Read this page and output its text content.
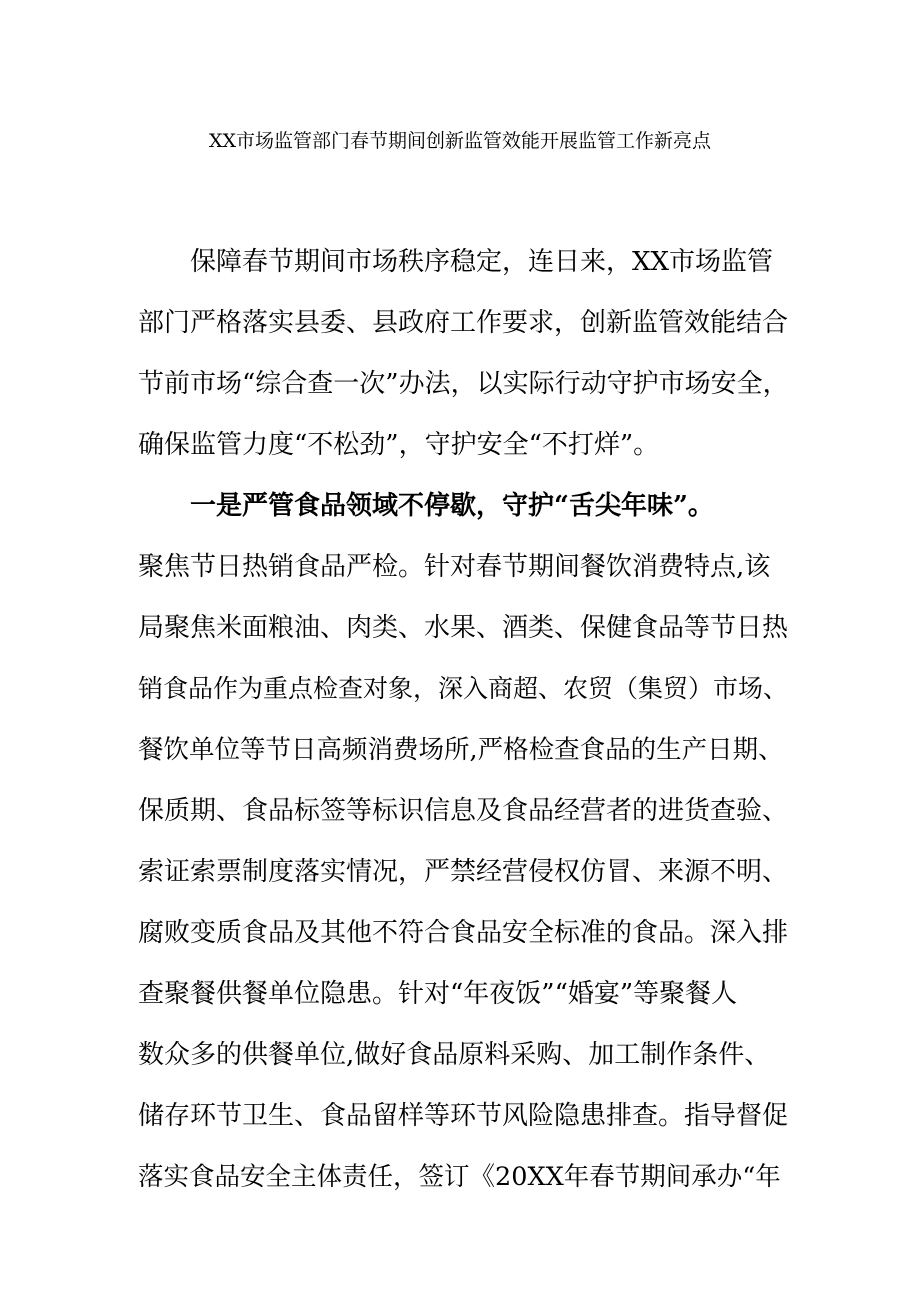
XX市场监管部门春节期间创新监管效能开展监管工作新亮点
保障春节期间市场秩序稳定，连日来，XX市场监管
部门严格落实县委、县政府工作要求，创新监管效能结合
节前市场“综合查一次”办法，以实际行动守护市场安全，
确保监管力度“不松劲”，守护安全“不打烊”。
一是严管食品领域不停歇，守护“舌尖年味”。
聚焦节日热销食品严检。针对春节期间餐饮消费特点,该
局聚焦米面粮油、肉类、水果、酒类、保健食品等节日热
销食品作为重点检查对象，深入商超、农贸（集贸）市场、
餐饮单位等节日高频消费场所,严格检查食品的生产日期、
保质期、食品标签等标识信息及食品经营者的进货查验、
索证索票制度落实情况，严禁经营侵权仿冒、来源不明、
腐败变质食品及其他不符合食品安全标准的食品。深入排
查聚餐供餐单位隐患。针对“年夜饭”“婚宴”等聚餐人
数众多的供餐单位,做好食品原料采购、加工制作条件、
储存环节卫生、食品留样等环节风险隐患排查。指导督促
落实食品安全主体责任，签订《20XX年春节期间承办“年
